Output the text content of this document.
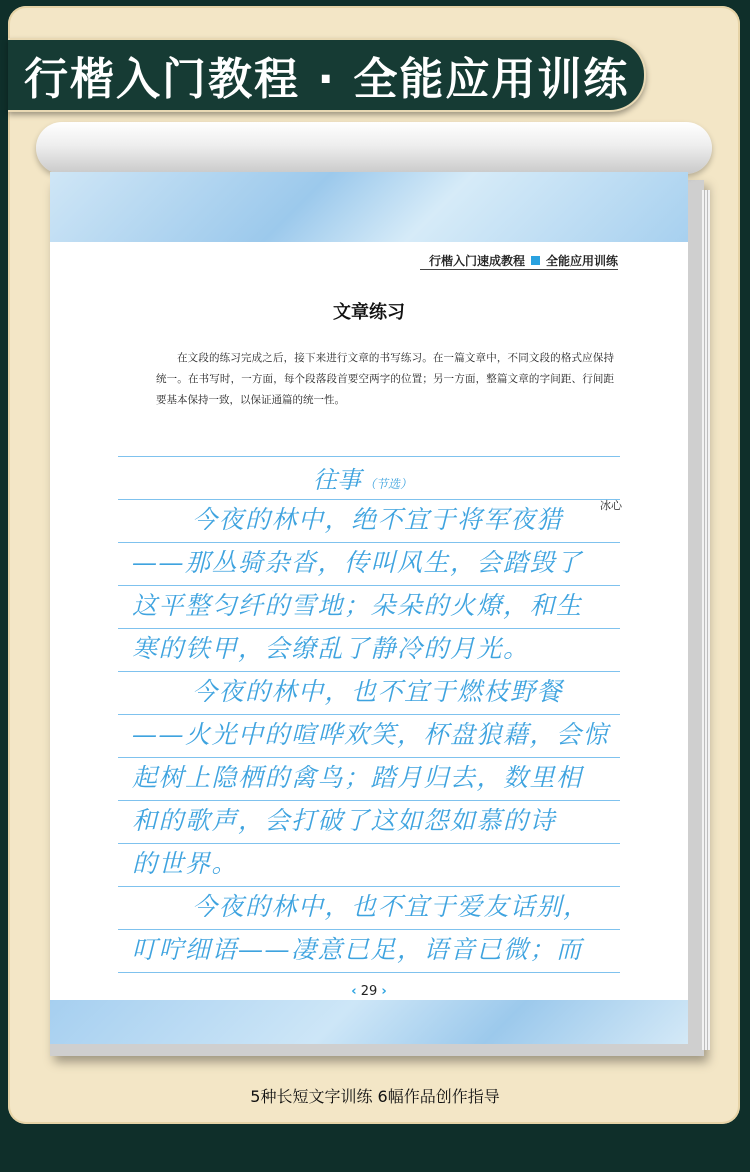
行楷入门教程 · 全能应用训练
行楷入门速成教程 全能应用训练
文章练习
在文段的练习完成之后，接下来进行文章的书写练习。在一篇文章中，不同文段的格式应保持统一。在书写时，一方面，每个段落段首要空两字的位置；另一方面，整篇文章的字间距、行间距要基本保持一致，以保证通篇的统一性。
往事 （节选）
冰心
今夜的林中，绝不宜于将军夜猎
——那丛骑杂沓，传叫风生，会踏毁了
这平整匀纤的雪地；朵朵的火燎，和生
寒的铁甲，会缭乱了静冷的月光。
今夜的林中，也不宜于燃枝野餐
——火光中的喧哗欢笑，杯盘狼藉，会惊
起树上隐栖的禽鸟；踏月归去，数里相
和的歌声，会打破了这如怨如慕的诗
的世界。
今夜的林中，也不宜于爱友话别，
叮咛细语——凄意已足，语音已微；而
‹ 29 ›
5种长短文字训练 6幅作品创作指导
